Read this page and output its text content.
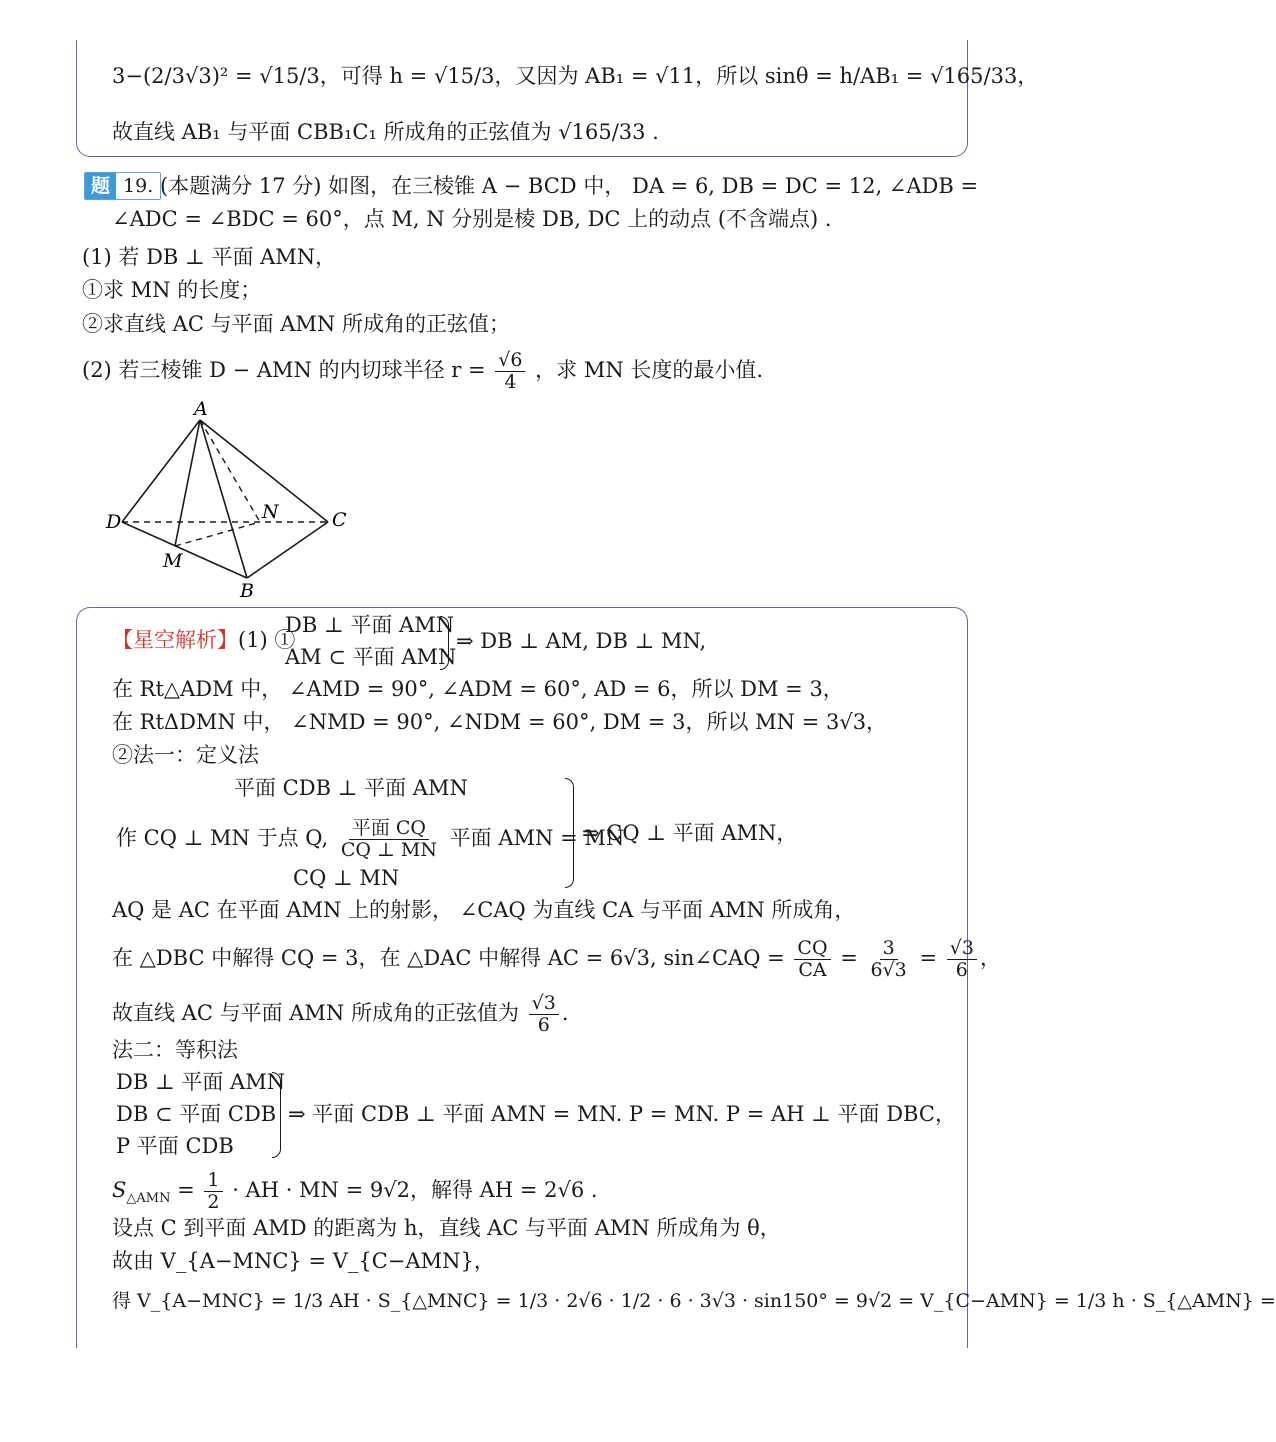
3−(2/3√3)² = √15/3，可得 h = √15/3，又因为 AB₁ = √11，所以 sinθ = h/AB₁ = √165/33，
故直线 AB₁ 与平面 CBB₁C₁ 所成角的正弦值为 √165/33 .
题 19. (本题满分 17 分) 如图，在三棱锥 A − BCD 中， DA = 6, DB = DC = 12, ∠ADB =
∠ADC = ∠BDC = 60°，点 M, N 分别是棱 DB, DC 上的动点 (不含端点) .
(1) 若 DB ⊥ 平面 AMN，
①求 MN 的长度；
②求直线 AC 与平面 AMN 所成角的正弦值；
(2) 若三棱锥 D − AMN 的内切球半径 $r = \frac{√6}{4}$ ，求 MN 长度的最小值.
A
D	N	C
M
B
【星空解析】(1) ①
DB ⊥ 平面 AMN
AM ⊂ 平面 AMN
⇒ DB ⊥ AM, DB ⊥ MN,
在 Rt△ADM 中， ∠AMD = 90°, ∠ADM = 60°, AD = 6，所以 DM = 3，
在 RtΔDMN 中， ∠NMD = 90°, ∠NDM = 60°, DM = 3，所以 MN = 3√3，
②法一：定义法
平面 CDB ⊥ 平面 AMN
作 CQ ⊥ MN 于点 Q, $\frac{\text{平面 CQ}}{CQ \perp MN}$ 平面 AMN = MN
CQ ⊥ MN
⇒ CQ ⊥ 平面 AMN，
AQ 是 AC 在平面 AMN 上的射影， ∠CAQ 为直线 CA 与平面 AMN 所成角，
在 △DBC 中解得 CQ = 3，在 △DAC 中解得 AC = 6√3, sin∠CAQ = $\frac{CQ}{CA} = \frac{3}{6√3} = \frac{√3}{6}$ ，
故直线 AC 与平面 AMN 所成角的正弦值为 $\frac{√3}{6}$ .
法二：等积法
DB ⊥ 平面 AMN
DB ⊂ 平面 CDB
P 平面 CDB
⇒ 平面 CDB ⊥ 平面 AMN = MN. P = MN. P = AH ⊥ 平面 DBC，
$S_{\triangle AMN} = \frac{1}{2}$ · AH · MN = 9√2，解得 AH = 2√6 .
设点 C 到平面 AMD 的距离为 h，直线 AC 与平面 AMN 所成角为 θ，
故由 V_{A−MNC} = V_{C−AMN}，
得 V_{A−MNC} = 1/3 AH · S_{△MNC} = 1/3 · 2√6 · 1/2 · 6 · 3√3 · sin150° = 9√2 = V_{C−AMN} = 1/3 h · S_{△AMN} =
